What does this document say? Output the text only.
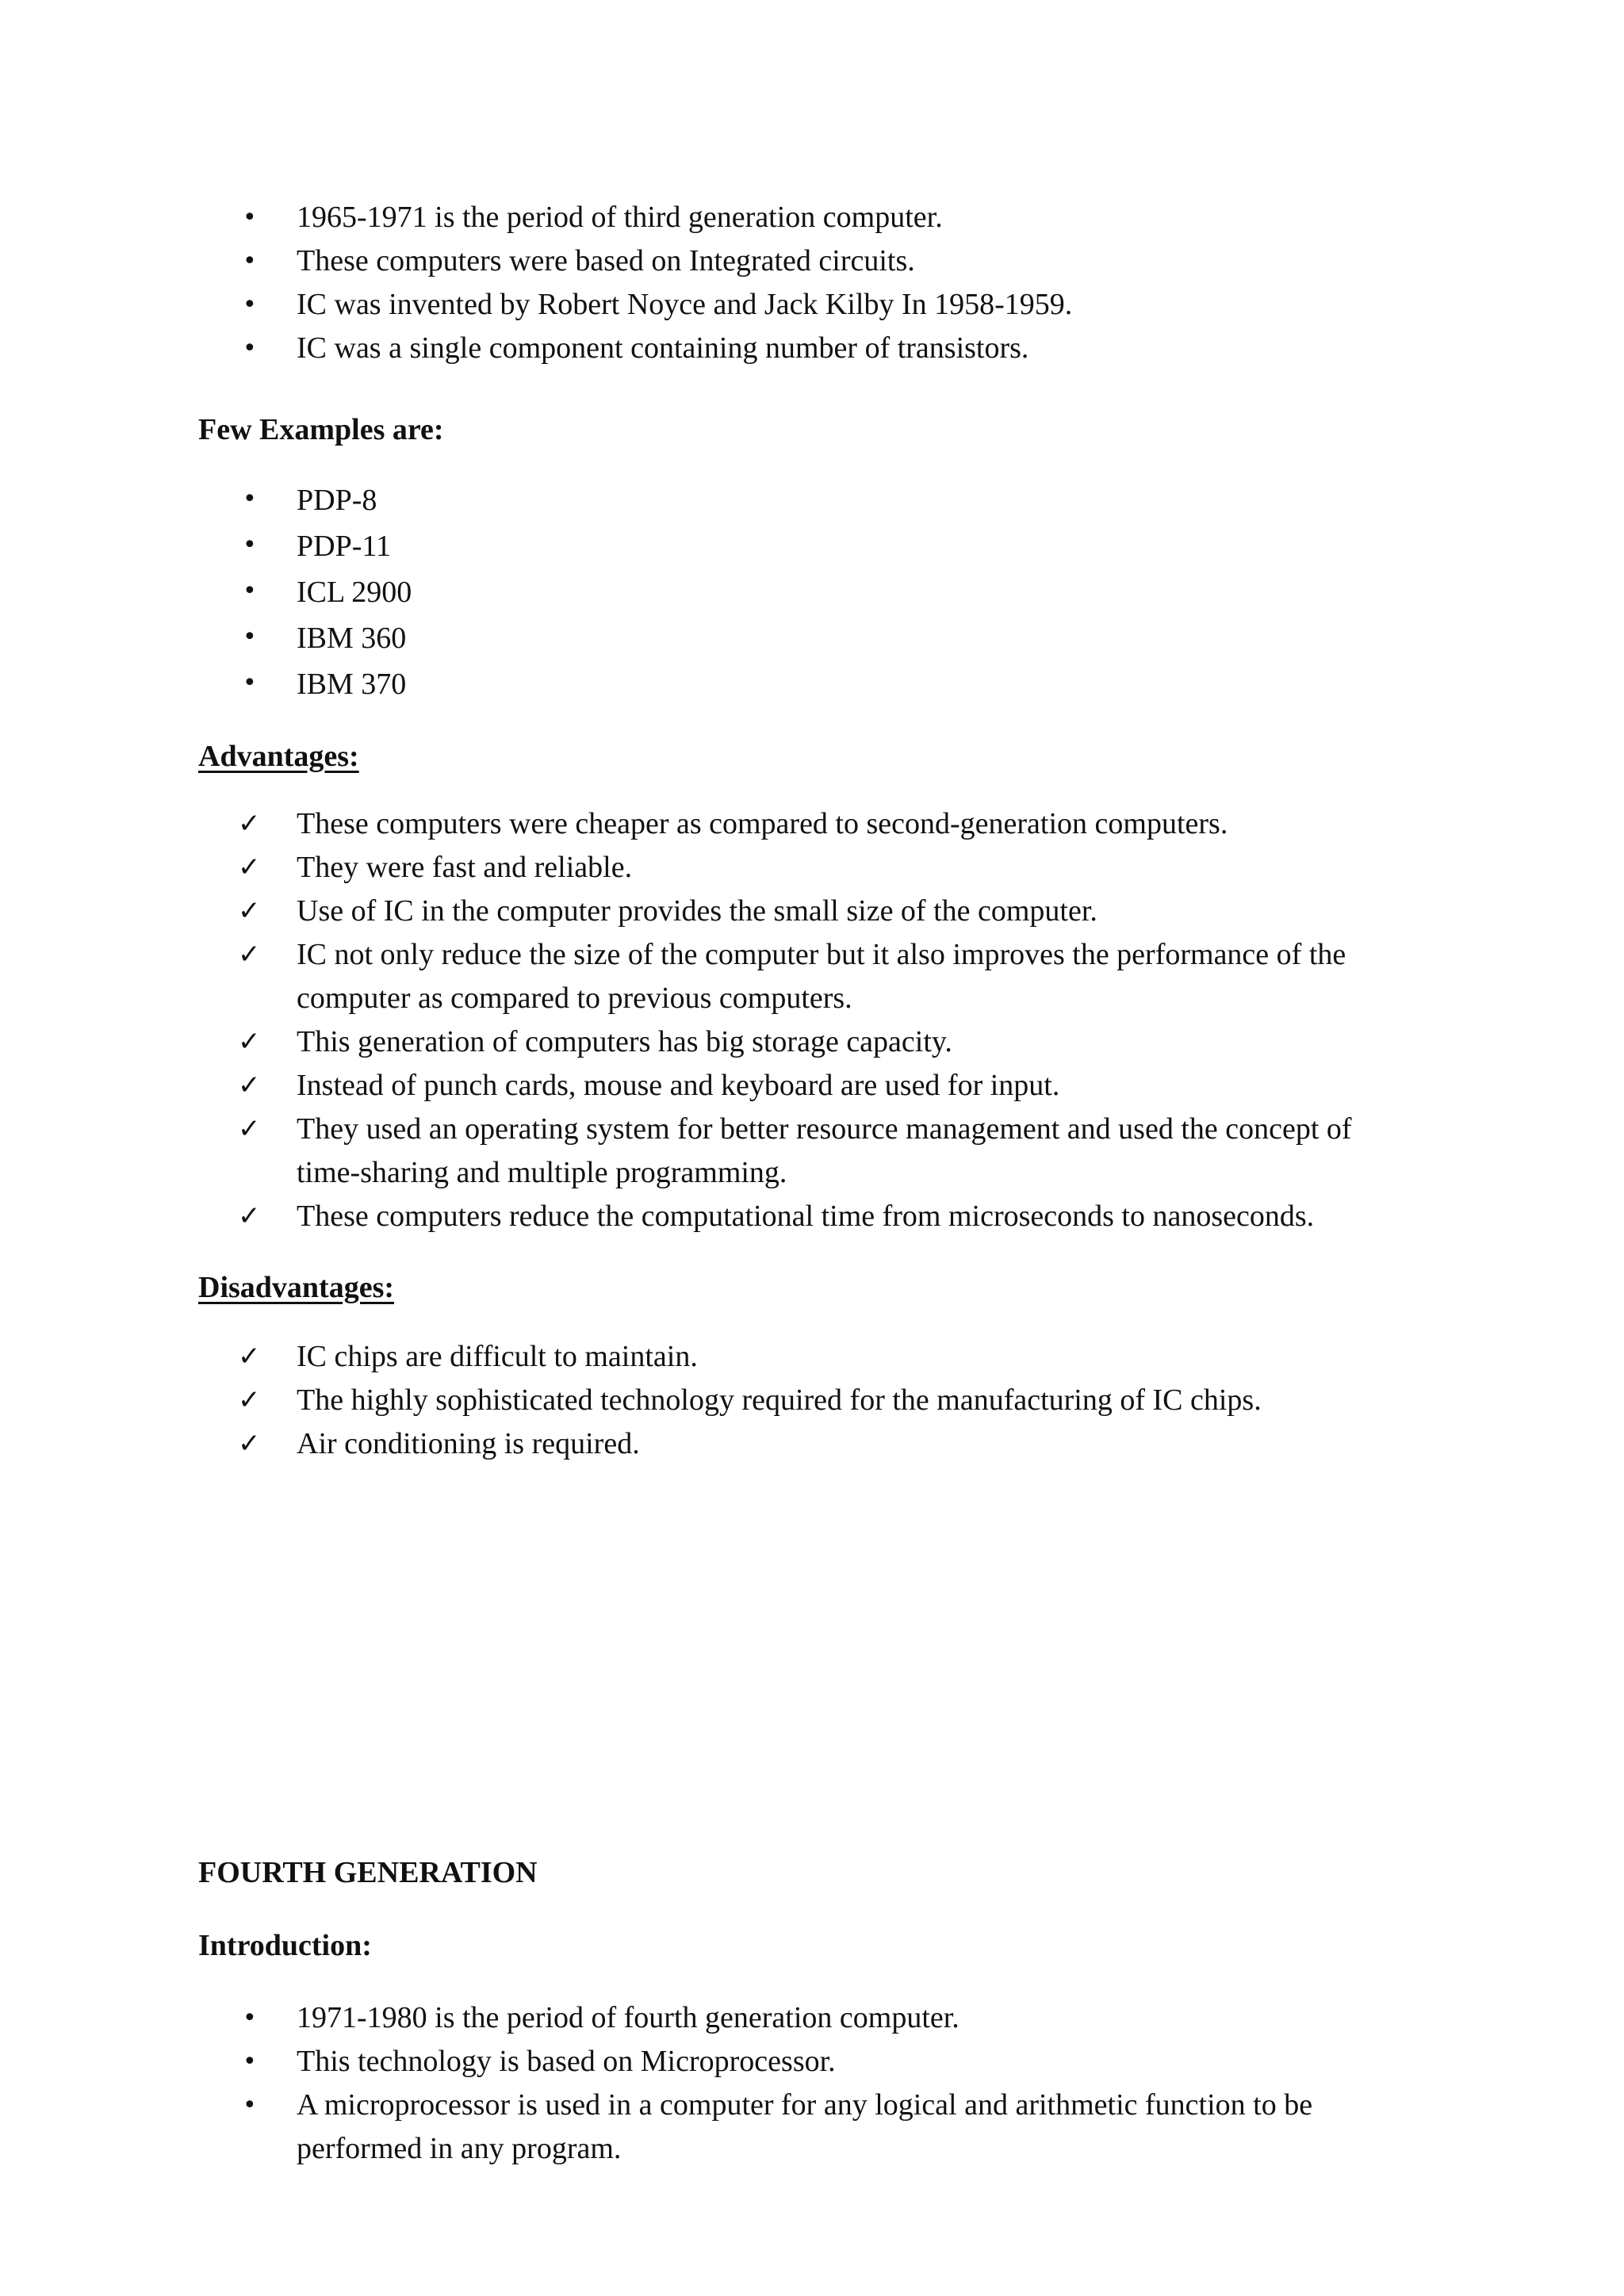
• 1965-1971 is the period of third generation computer.
• These computers were based on Integrated circuits.
• IC was invented by Robert Noyce and Jack Kilby In 1958-1959.
• IC was a single component containing number of transistors.
Few Examples are:
• PDP-8
• PDP-11
• ICL 2900
• IBM 360
• IBM 370
Advantages:
✓ These computers were cheaper as compared to second-generation computers.
✓ They were fast and reliable.
✓ Use of IC in the computer provides the small size of the computer.
✓ IC not only reduce the size of the computer but it also improves the performance of the computer as compared to previous computers.
✓ This generation of computers has big storage capacity.
✓ Instead of punch cards, mouse and keyboard are used for input.
✓ They used an operating system for better resource management and used the concept of time-sharing and multiple programming.
✓ These computers reduce the computational time from microseconds to nanoseconds.
Disadvantages:
✓ IC chips are difficult to maintain.
✓ The highly sophisticated technology required for the manufacturing of IC chips.
✓ Air conditioning is required.
FOURTH GENERATION
Introduction:
• 1971-1980 is the period of fourth generation computer.
• This technology is based on Microprocessor.
• A microprocessor is used in a computer for any logical and arithmetic function to be performed in any program.
